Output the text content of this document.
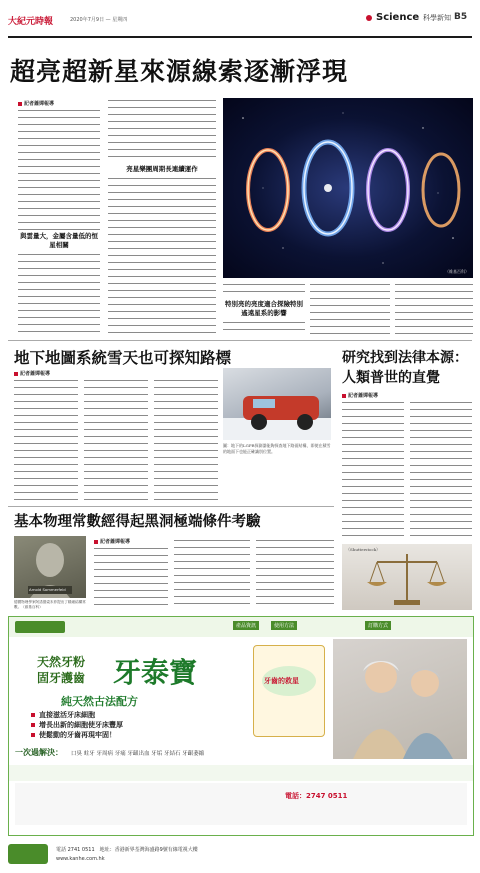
大紀元時報	2020年7月9日 — 星期四	Science 科學新知 B5
超亮超新星來源線索逐漸浮現
記者蕭嬋報導
與雲量大，金屬含量低的恒星相關
亮星樂團周期長連續運作
（維基百科）
特別亮的亮度適合探險特別遙遠星系的影響
地下地圖系統雪天也可探知路標
記者蕭嬋報導
圖：地下的LGPR探測器能夠探查地下路面結構，即使在積雪的地面下也能正確識別位置。
研究找到法律本源：
人類普世的直覺
記者蕭嬋報導
（Shutterstock）
基本物理常數經得起黑洞極端條件考驗
Arnold Sommerfeld
德國物理學家阿諾德索末菲提出了精細結構常數。（維基百科）
記者蕭嬋報導
產品資訊	使用方法	訂購方式
天然牙粉
固牙護齒 牙泰寶
純天然古法配方
直接滋活牙床細胞
增長出新的細胞使牙床豐厚
使鬆動的牙齒再現牢固！
一次過解決： 口臭 蛀牙 牙周病 牙痛 牙齦出血 牙垢 牙結石 牙齦萎縮
牙齒的救星
電話：2747 0511
電話 2741 0511　地址：香港新界荃灣海盛路9號有線電視大樓
www.kanhe.com.hk
